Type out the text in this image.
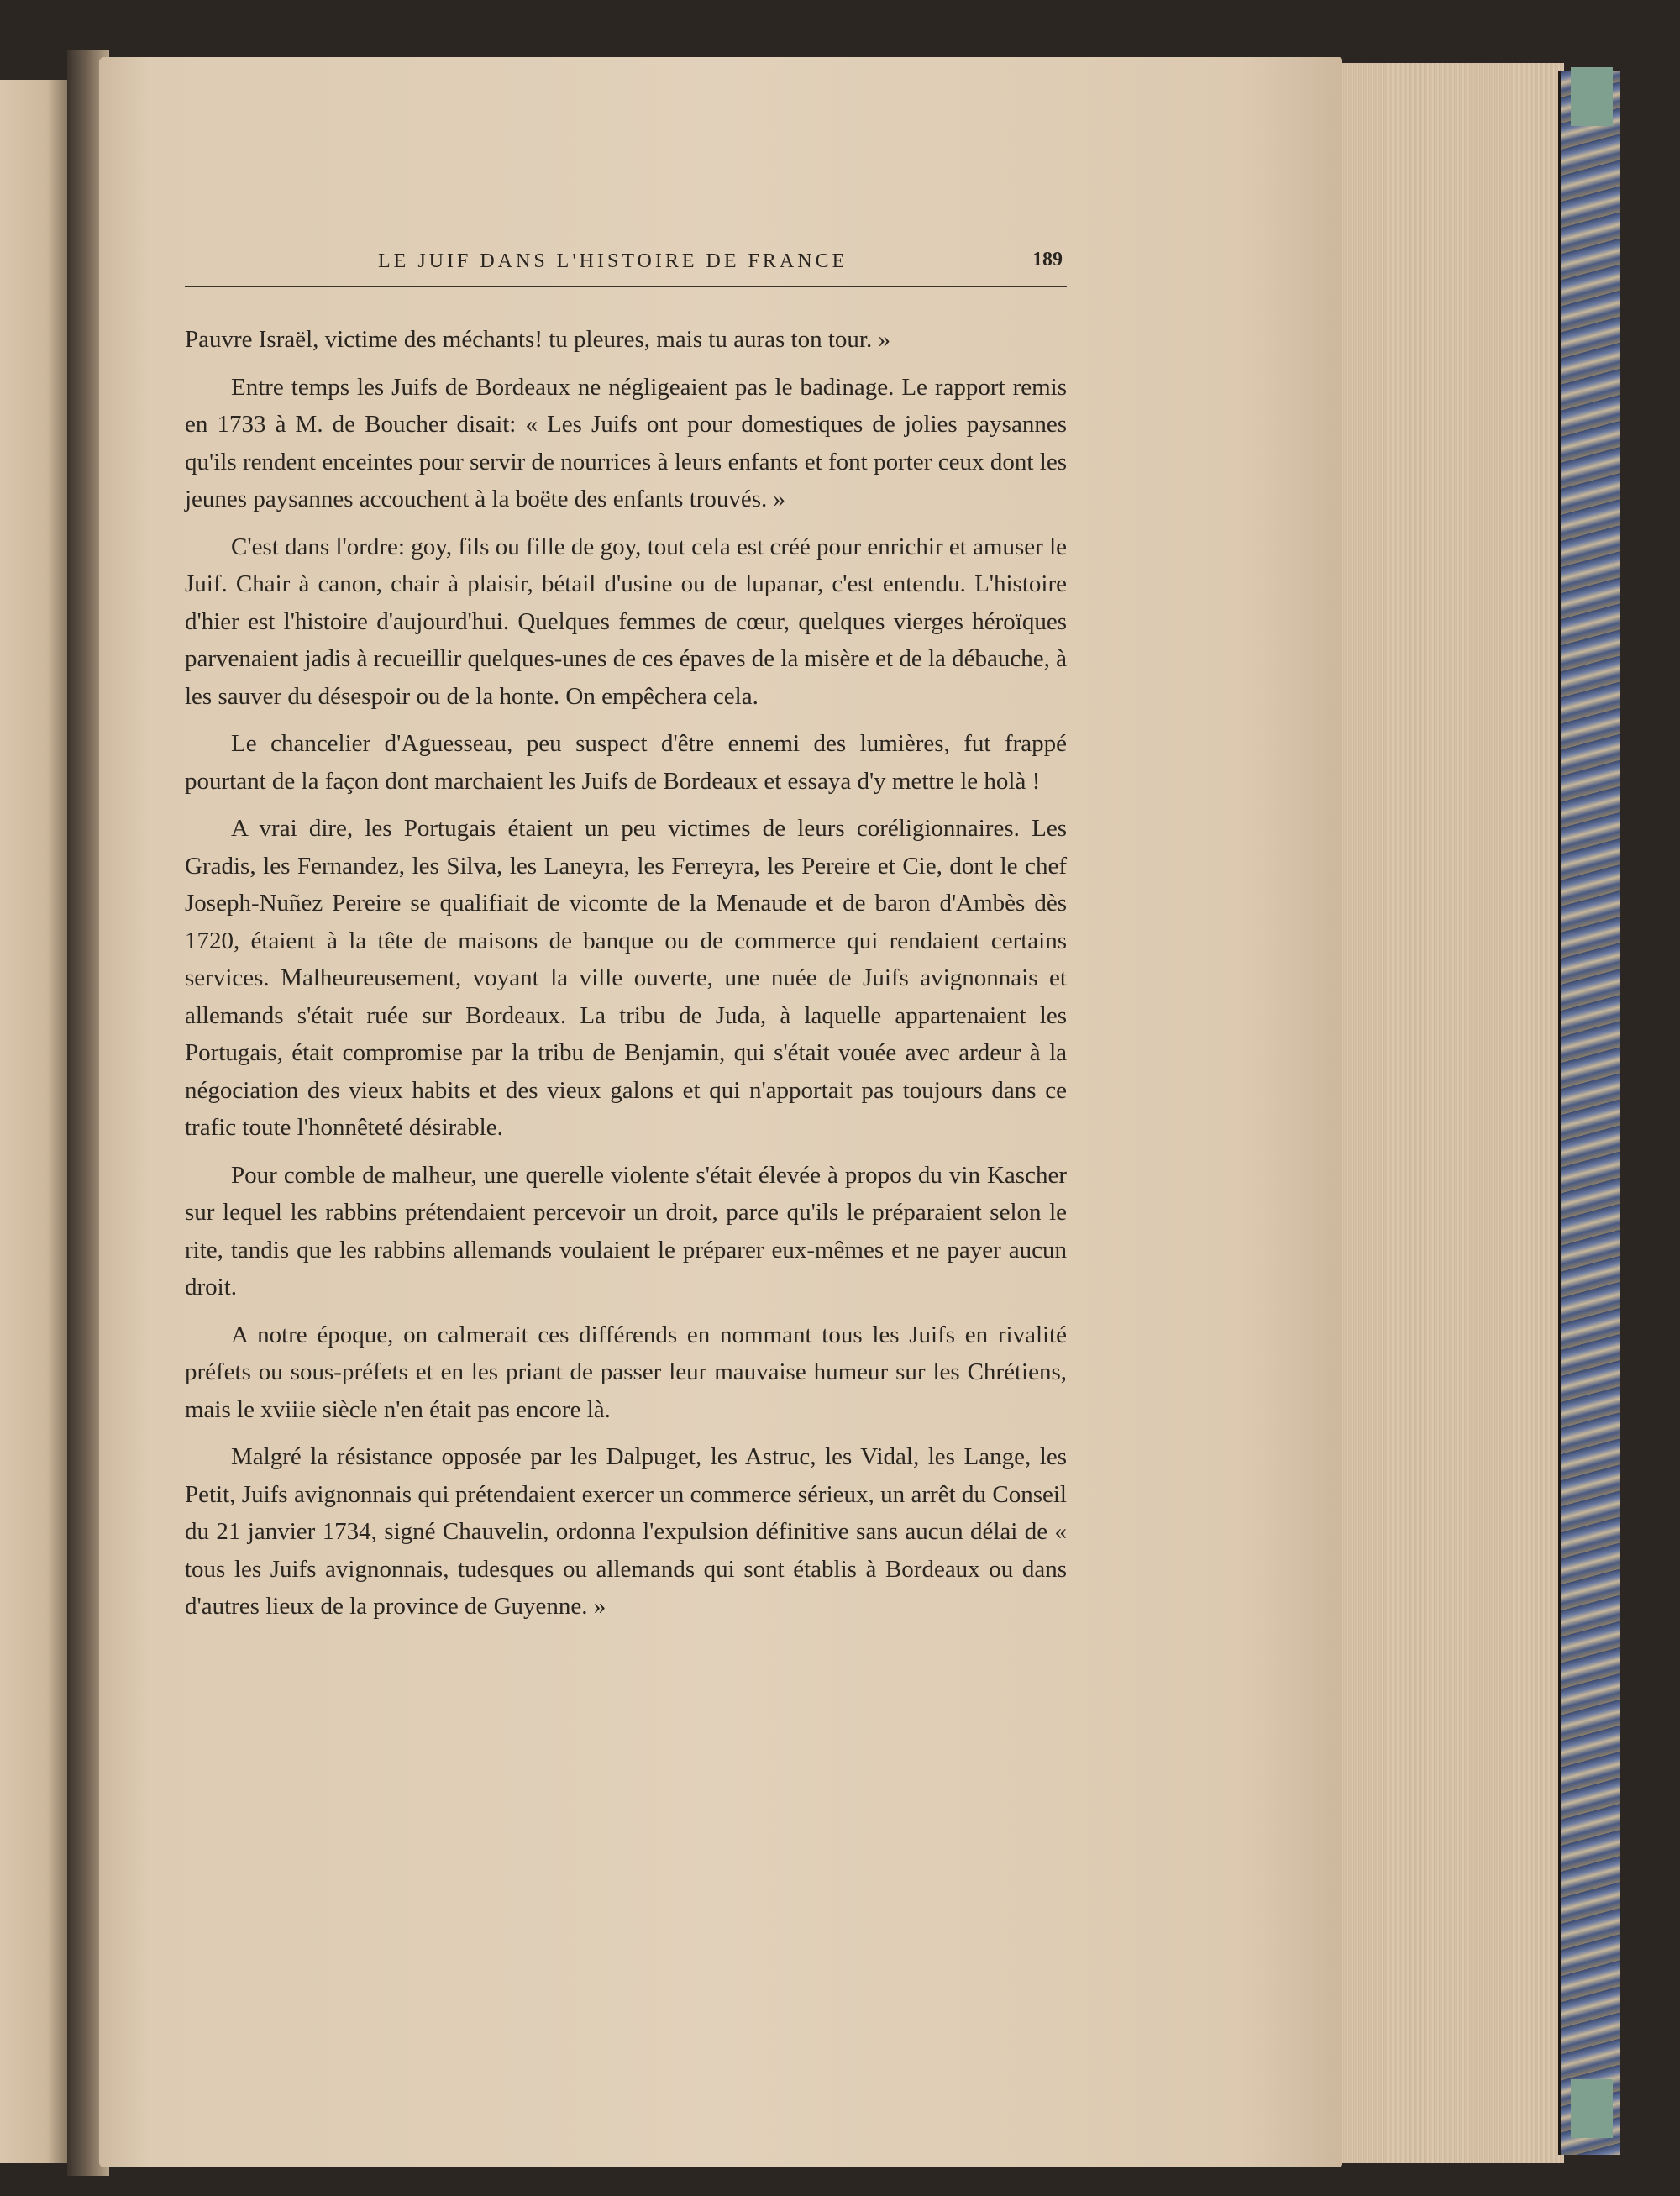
LE JUIF DANS L'HISTOIRE DE FRANCE	189

Pauvre Israël, victime des méchants! tu pleures, mais tu auras ton tour. »

Entre temps les Juifs de Bordeaux ne négligeaient pas le badinage. Le rapport remis en 1733 à M. de Boucher disait: « Les Juifs ont pour domestiques de jolies paysannes qu'ils rendent enceintes pour servir de nourrices à leurs enfants et font porter ceux dont les jeunes paysannes accouchent à la boëte des enfants trouvés. »

C'est dans l'ordre: goy, fils ou fille de goy, tout cela est créé pour enrichir et amuser le Juif. Chair à canon, chair à plaisir, bétail d'usine ou de lupanar, c'est entendu. L'histoire d'hier est l'histoire d'aujourd'hui. Quelques femmes de cœur, quelques vierges héroïques parvenaient jadis à recueillir quelques-unes de ces épaves de la misère et de la débauche, à les sauver du désespoir ou de la honte. On empêchera cela.

Le chancelier d'Aguesseau, peu suspect d'être ennemi des lumières, fut frappé pourtant de la façon dont marchaient les Juifs de Bordeaux et essaya d'y mettre le holà !

A vrai dire, les Portugais étaient un peu victimes de leurs coréligionnaires. Les Gradis, les Fernandez, les Silva, les Laneyra, les Ferreyra, les Pereire et Cie, dont le chef Joseph-Nuñez Pereire se qualifiait de vicomte de la Menaude et de baron d'Ambès dès 1720, étaient à la tête de maisons de banque ou de commerce qui rendaient certains services. Malheureusement, voyant la ville ouverte, une nuée de Juifs avignonnais et allemands s'était ruée sur Bordeaux. La tribu de Juda, à laquelle appartenaient les Portugais, était compromise par la tribu de Benjamin, qui s'était vouée avec ardeur à la négociation des vieux habits et des vieux galons et qui n'apportait pas toujours dans ce trafic toute l'honnêteté désirable.

Pour comble de malheur, une querelle violente s'était élevée à propos du vin Kascher sur lequel les rabbins prétendaient percevoir un droit, parce qu'ils le préparaient selon le rite, tandis que les rabbins allemands voulaient le préparer eux-mêmes et ne payer aucun droit.

A notre époque, on calmerait ces différends en nommant tous les Juifs en rivalité préfets ou sous-préfets et en les priant de passer leur mauvaise humeur sur les Chrétiens, mais le xviiie siècle n'en était pas encore là.

Malgré la résistance opposée par les Dalpuget, les Astruc, les Vidal, les Lange, les Petit, Juifs avignonnais qui prétendaient exercer un commerce sérieux, un arrêt du Conseil du 21 janvier 1734, signé Chauvelin, ordonna l'expulsion définitive sans aucun délai de « tous les Juifs avignonnais, tudesques ou allemands qui sont établis à Bordeaux ou dans d'autres lieux de la province de Guyenne. »
